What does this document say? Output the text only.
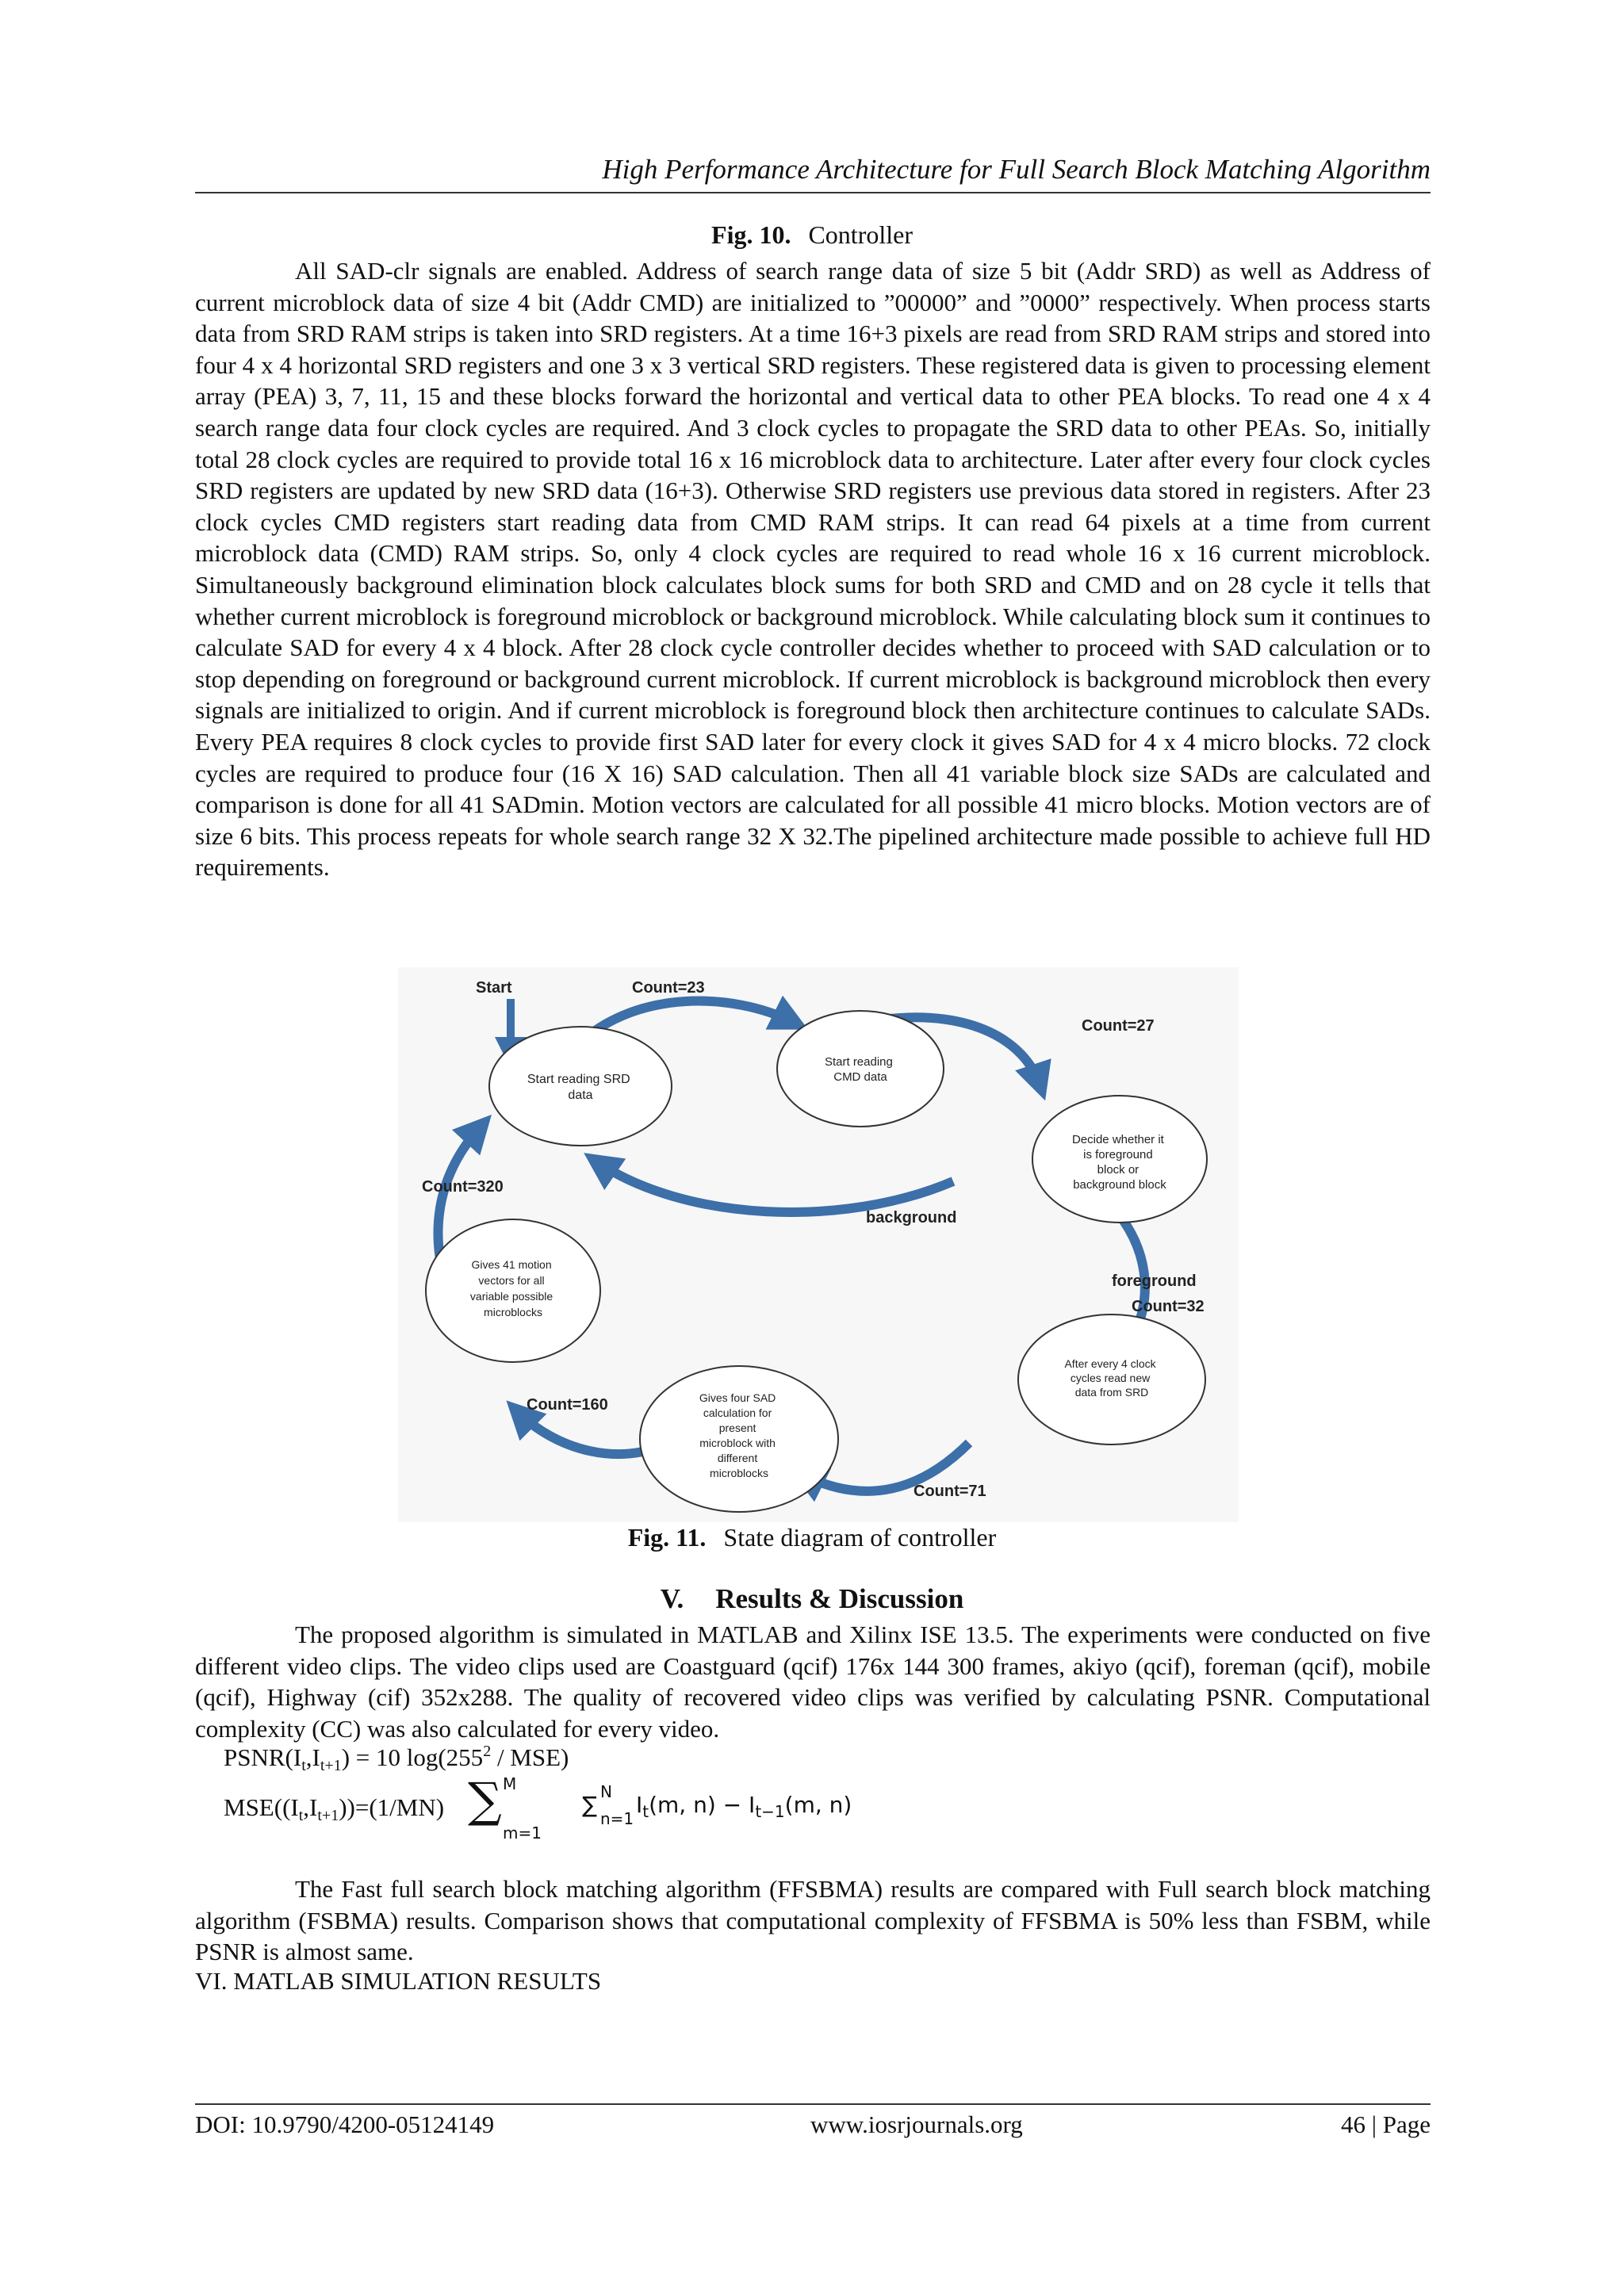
High Performance Architecture for Full Search Block Matching Algorithm
Fig. 10. Controller

All SAD-clr signals are enabled. Address of search range data of size 5 bit (Addr SRD) as well as Address of current microblock data of size 4 bit (Addr CMD) are initialized to ”00000” and ”0000” respectively. When process starts data from SRD RAM strips is taken into SRD registers. At a time 16+3 pixels are read from SRD RAM strips and stored into four 4 x 4 horizontal SRD registers and one 3 x 3 vertical SRD registers. These registered data is given to processing element array (PEA) 3, 7, 11, 15 and these blocks forward the horizontal and vertical data to other PEA blocks. To read one 4 x 4 search range data four clock cycles are required. And 3 clock cycles to propagate the SRD data to other PEAs. So, initially total 28 clock cycles are required to provide total 16 x 16 microblock data to architecture. Later after every four clock cycles SRD registers are updated by new SRD data (16+3). Otherwise SRD registers use previous data stored in registers. After 23 clock cycles CMD registers start reading data from CMD RAM strips. It can read 64 pixels at a time from current microblock data (CMD) RAM strips. So, only 4 clock cycles are required to read whole 16 x 16 current microblock. Simultaneously background elimination block calculates block sums for both SRD and CMD and on 28 cycle it tells that whether current microblock is foreground microblock or background microblock. While calculating block sum it continues to calculate SAD for every 4 x 4 block. After 28 clock cycle controller decides whether to proceed with SAD calculation or to stop depending on foreground or background current microblock. If current microblock is background microblock then every signals are initialized to origin. And if current microblock is foreground block then architecture continues to calculate SADs. Every PEA requires 8 clock cycles to provide first SAD later for every clock it gives SAD for 4 x 4 micro blocks. 72 clock cycles are required to produce four (16 X 16) SAD calculation. Then all 41 variable block size SADs are calculated and comparison is done for all 41 SADmin. Motion vectors are calculated for all possible 41 micro blocks. Motion vectors are of size 6 bits. This process repeats for whole search range 32 X 32.The pipelined architecture made possible to achieve full HD requirements.

Start reading SRD data
Start reading CMD data
Decide whether it is foreground block or background block
After every 4 clock cycles read new data from SRD
Gives four SAD calculation for present microblock with different microblocks
Gives 41 motion vectors for all variable possible microblocks
Start	Count=23
Count=27
background
foreground
Count=32
Count=71
Count=160
Count=320
Fig. 11. State diagram of controller
V. Results & Discussion

The proposed algorithm is simulated in MATLAB and Xilinx ISE 13.5. The experiments were conducted on five different video clips. The video clips used are Coastguard (qcif) 176x 144 300 frames, akiyo (qcif), foreman (qcif), mobile (qcif), Highway (cif) 352x288. The quality of recovered video clips was verified by calculating PSNR. Computational complexity (CC) was also calculated for every video.

$PSNR(I_t,I_{t+1}) = 10$ $\log(255^2 / MSE)$
$MSE((I_t,I_{t+1}))=(1/MN)$ ∑ M
m=1
∑ N
n=1
$I_t(m$, $n) - I_{t-1}(m$, n)

The Fast full search block matching algorithm (FFSBMA) results are compared with Full search block matching algorithm (FSBMA) results. Comparison shows that computational complexity of FFSBMA is 50% less than FSBM, while PSNR is almost same.

VI. MATLAB SIMULATION RESULTS
DOI: 10.9790/4200-05124149	www.iosrjournals.org	46 | Page
